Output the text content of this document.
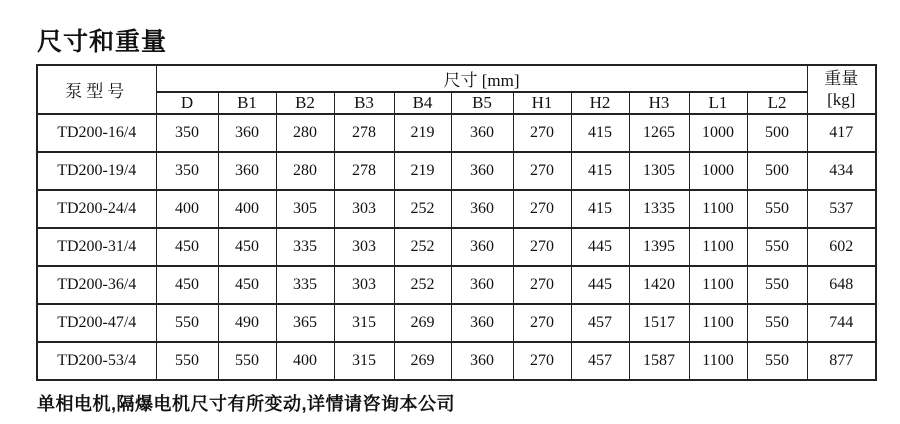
尺寸和重量
泵型号	尺寸 [mm]											重量
[kg]

	D	B1	B2	B3	B4	B5	H1	H2	H3	L1	L2	
TD200-16/4	350	360	280	278	219	360	270	415	1265	1000	500	417
TD200-19/4	350	360	280	278	219	360	270	415	1305	1000	500	434
TD200-24/4	400	400	305	303	252	360	270	415	1335	1100	550	537
TD200-31/4	450	450	335	303	252	360	270	445	1395	1100	550	602
TD200-36/4	450	450	335	303	252	360	270	445	1420	1100	550	648
TD200-47/4	550	490	365	315	269	360	270	457	1517	1100	550	744
TD200-53/4	550	550	400	315	269	360	270	457	1587	1100	550	877

单相电机,隔爆电机尺寸有所变动,详情请咨询本公司
